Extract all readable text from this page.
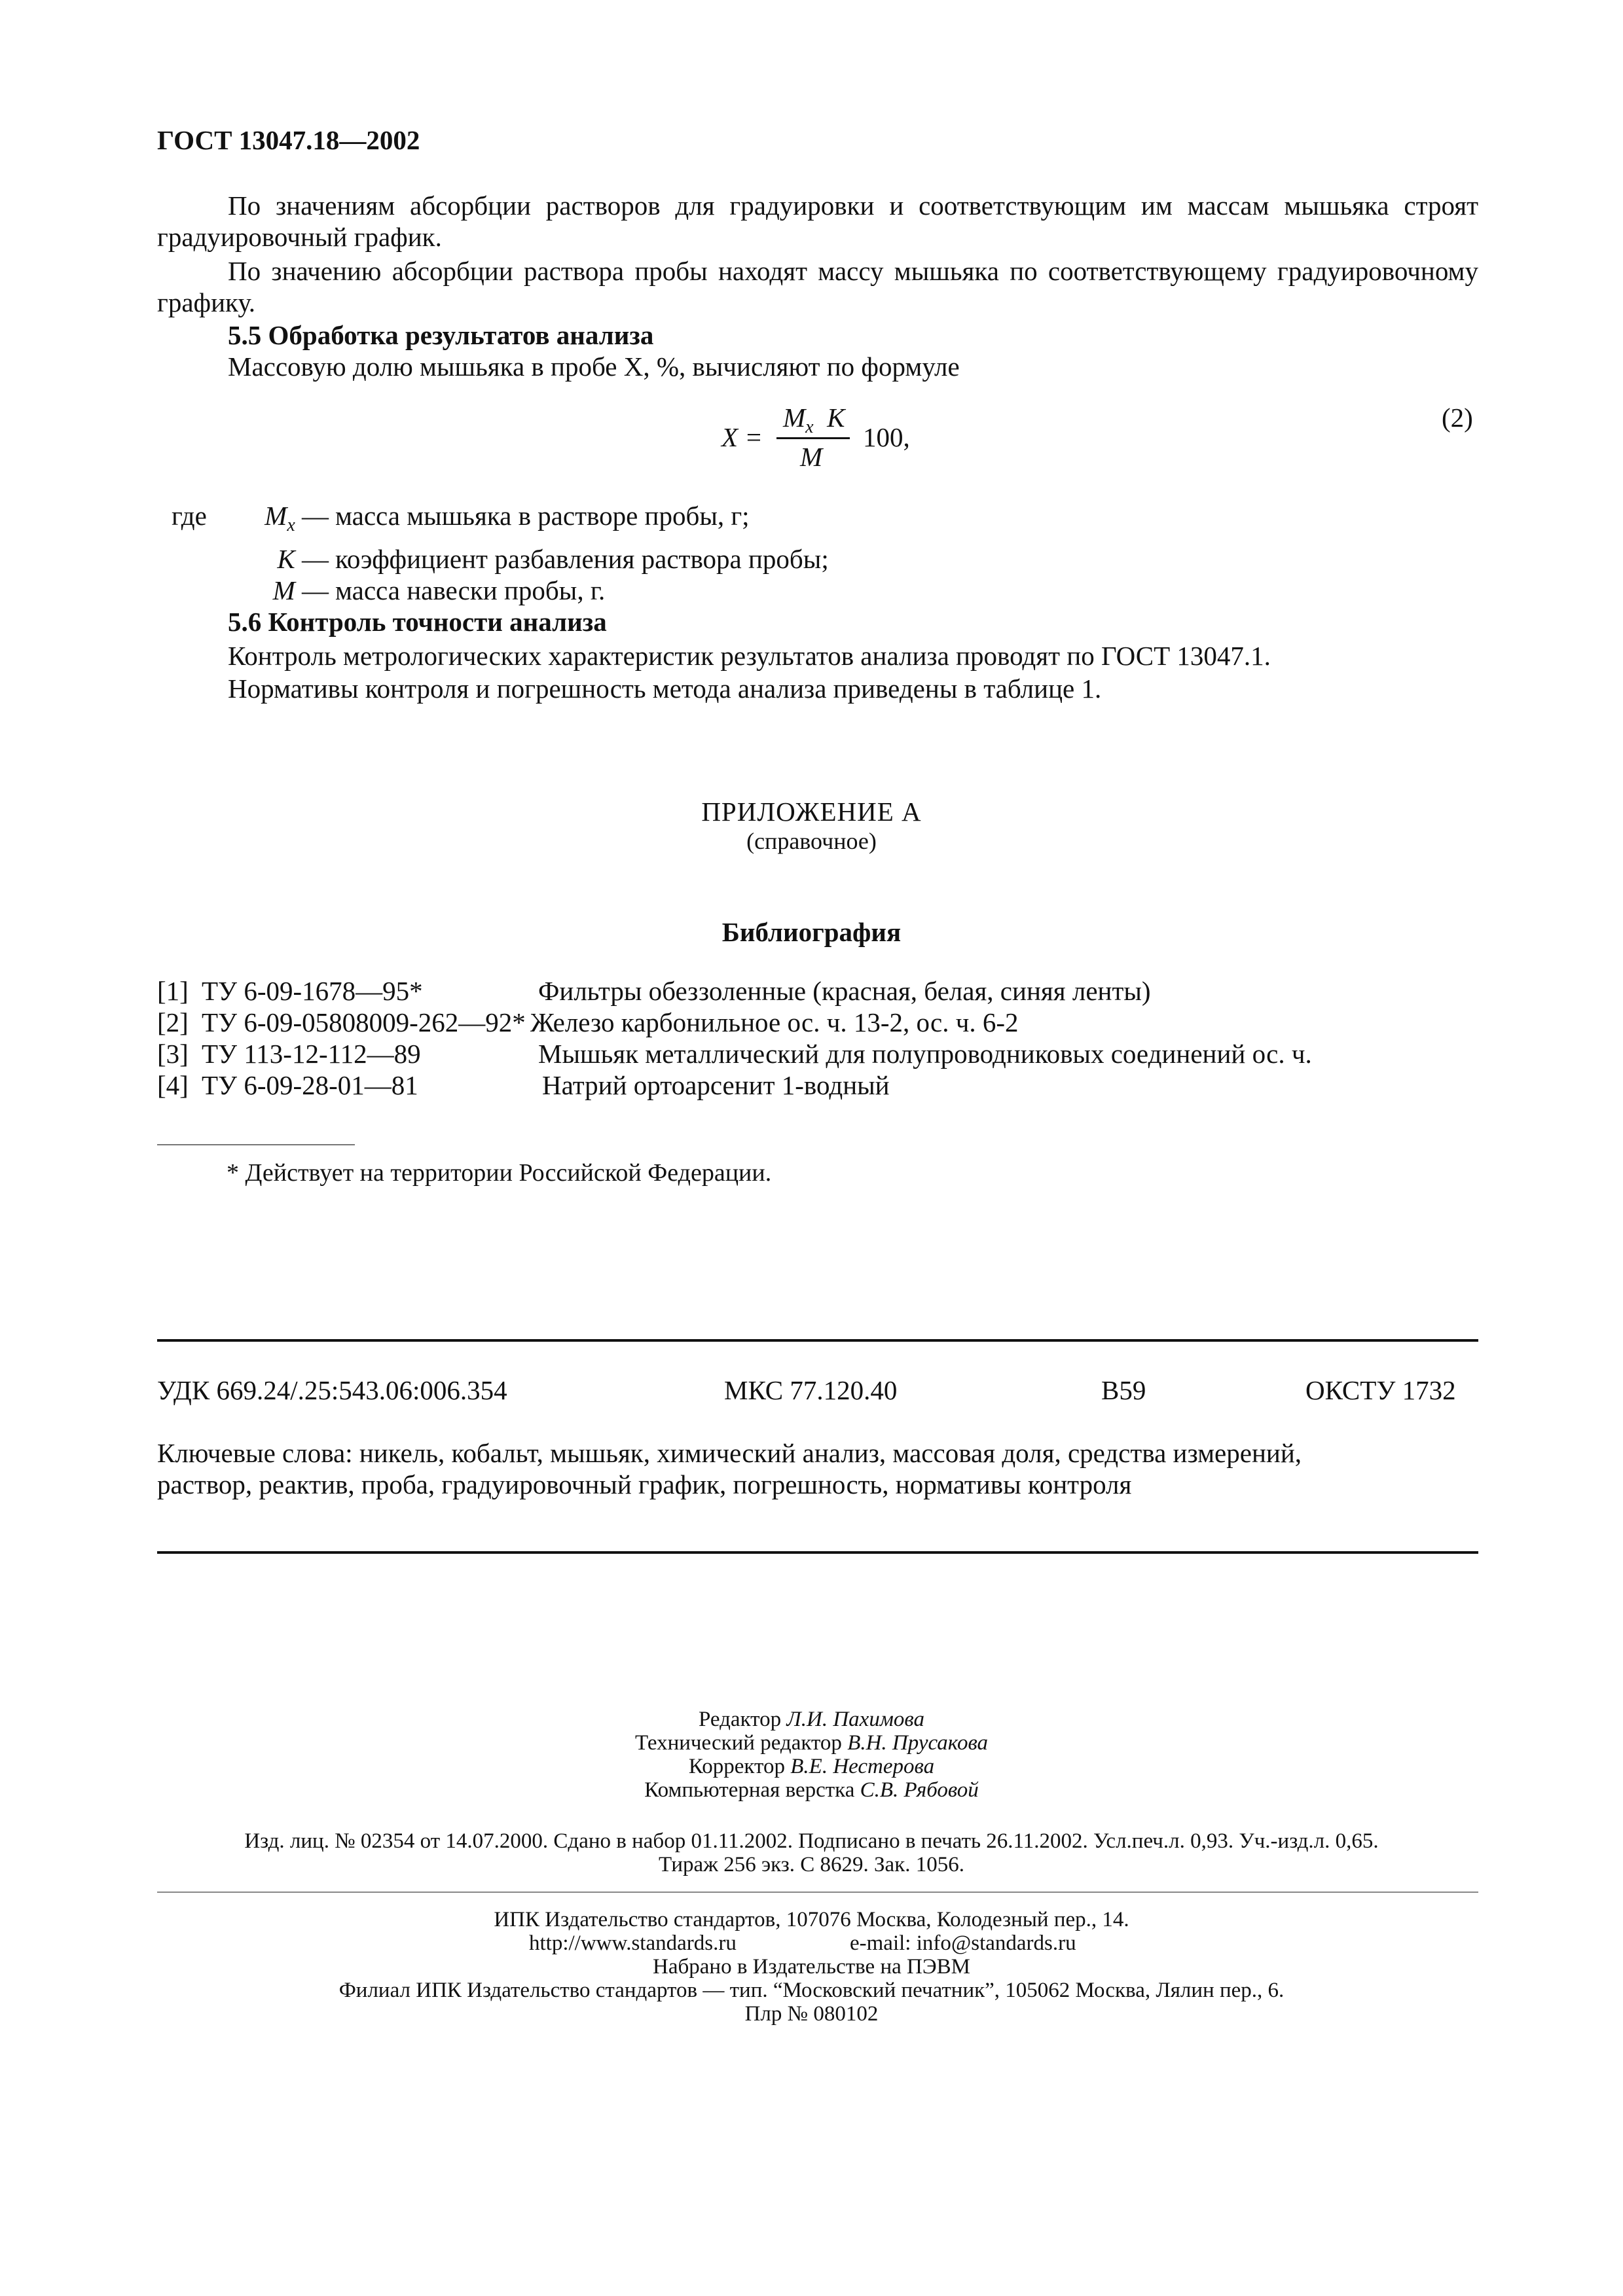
ГОСТ 13047.18—2002
По значениям абсорбции растворов для градуировки и соответствующим им массам мышьяка строят градуировочный график.
По значению абсорбции раствора пробы находят массу мышьяка по соответствующему градуировочному графику.
5.5 Обработка результатов анализа
Массовую долю мышьяка в пробе X, %, вычисляют по формуле
X =
$M_x$ K
M
100,
(2)
где	$M_x$ — масса мышьяка в растворе пробы, г;
K — коэффициент разбавления раствора пробы;
M — масса навески пробы, г.
5.6 Контроль точности анализа
Контроль метрологических характеристик результатов анализа проводят по ГОСТ 13047.1.
Нормативы контроля и погрешность метода анализа приведены в таблице 1.
ПРИЛОЖЕНИЕ А
(справочное)
Библиография
[1] ТУ 6-09-1678—95*	Фильтры обеззоленные (красная, белая, синяя ленты)
[2] ТУ 6-09-05808009-262—92* Железо карбонильное ос. ч. 13-2, ос. ч. 6-2
[3] ТУ 113-12-112—89	Мышьяк металлический для полупроводниковых соединений ос. ч.
[4] ТУ 6-09-28-01—81	Натрий ортоарсенит 1-водный
* Действует на территории Российской Федерации.
УДК 669.24/.25:543.06:006.354	МКС 77.120.40	В59	ОКСТУ 1732
Ключевые слова: никель, кобальт, мышьяк, химический анализ, массовая доля, средства измерений,
раствор, реактив, проба, градуировочный график, погрешность, нормативы контроля
Редактор Л.И. Пахимова
Технический редактор В.Н. Прусакова
Корректор В.Е. Нестерова
Компьютерная верстка С.В. Рябовой
Изд. лиц. № 02354 от 14.07.2000. Сдано в набор 01.11.2002. Подписано в печать 26.11.2002. Усл.печ.л. 0,93. Уч.-изд.л. 0,65.
Тираж 256 экз. С 8629. Зак. 1056.
ИПК Издательство стандартов, 107076 Москва, Колодезный пер., 14.
http://www.standards.ru	e-mail: info@standards.ru
Набрано в Издательстве на ПЭВМ
Филиал ИПК Издательство стандартов — тип. “Московский печатник”, 105062 Москва, Лялин пер., 6.
Плр № 080102
